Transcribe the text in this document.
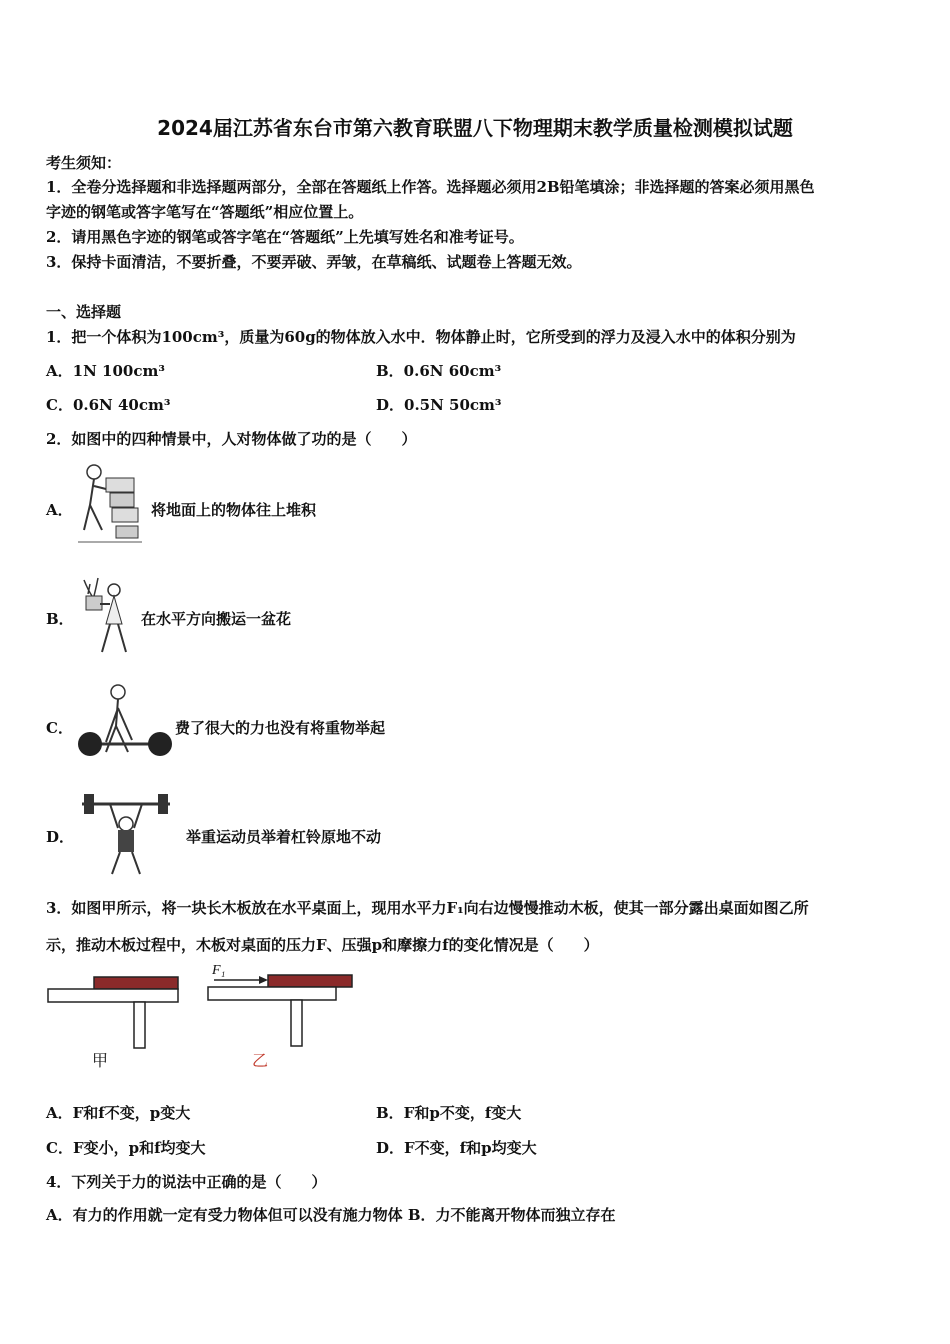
2024届江苏省东台市第六教育联盟八下物理期末教学质量检测模拟试题
考生须知：
1．全卷分选择题和非选择题两部分，全部在答题纸上作答。选择题必须用2B铅笔填涂；非选择题的答案必须用黑色
字迹的钢笔或答字笔写在“答题纸”相应位置上。
2．请用黑色字迹的钢笔或答字笔在“答题纸”上先填写姓名和准考证号。
3．保持卡面清洁，不要折叠，不要弄破、弄皱，在草稿纸、试题卷上答题无效。
一、选择题
1．把一个体积为100cm³，质量为60g的物体放入水中．物体静止时，它所受到的浮力及浸入水中的体积分别为
A．1N 100cm³	B．0.6N 60cm³
C．0.6N 40cm³	D．0.5N 50cm³
2．如图中的四种情景中，人对物体做了功的是（　　）
A．	将地面上的物体往上堆积
B．	在水平方向搬运一盆花
C．	费了很大的力也没有将重物举起
D．	举重运动员举着杠铃原地不动
3．如图甲所示，将一块长木板放在水平桌面上，现用水平力F₁向右边慢慢推动木板，使其一部分露出桌面如图乙所
示，推动木板过程中，木板对桌面的压力F、压强p和摩擦力f的变化情况是（　　）
F₁
甲	乙
A．F和f不变，p变大	B．F和p不变，f变大
C．F变小，p和f均变大	D．F不变，f和p均变大
4．下列关于力的说法中正确的是（　　）
A．有力的作用就一定有受力物体但可以没有施力物体 B．力不能离开物体而独立存在
